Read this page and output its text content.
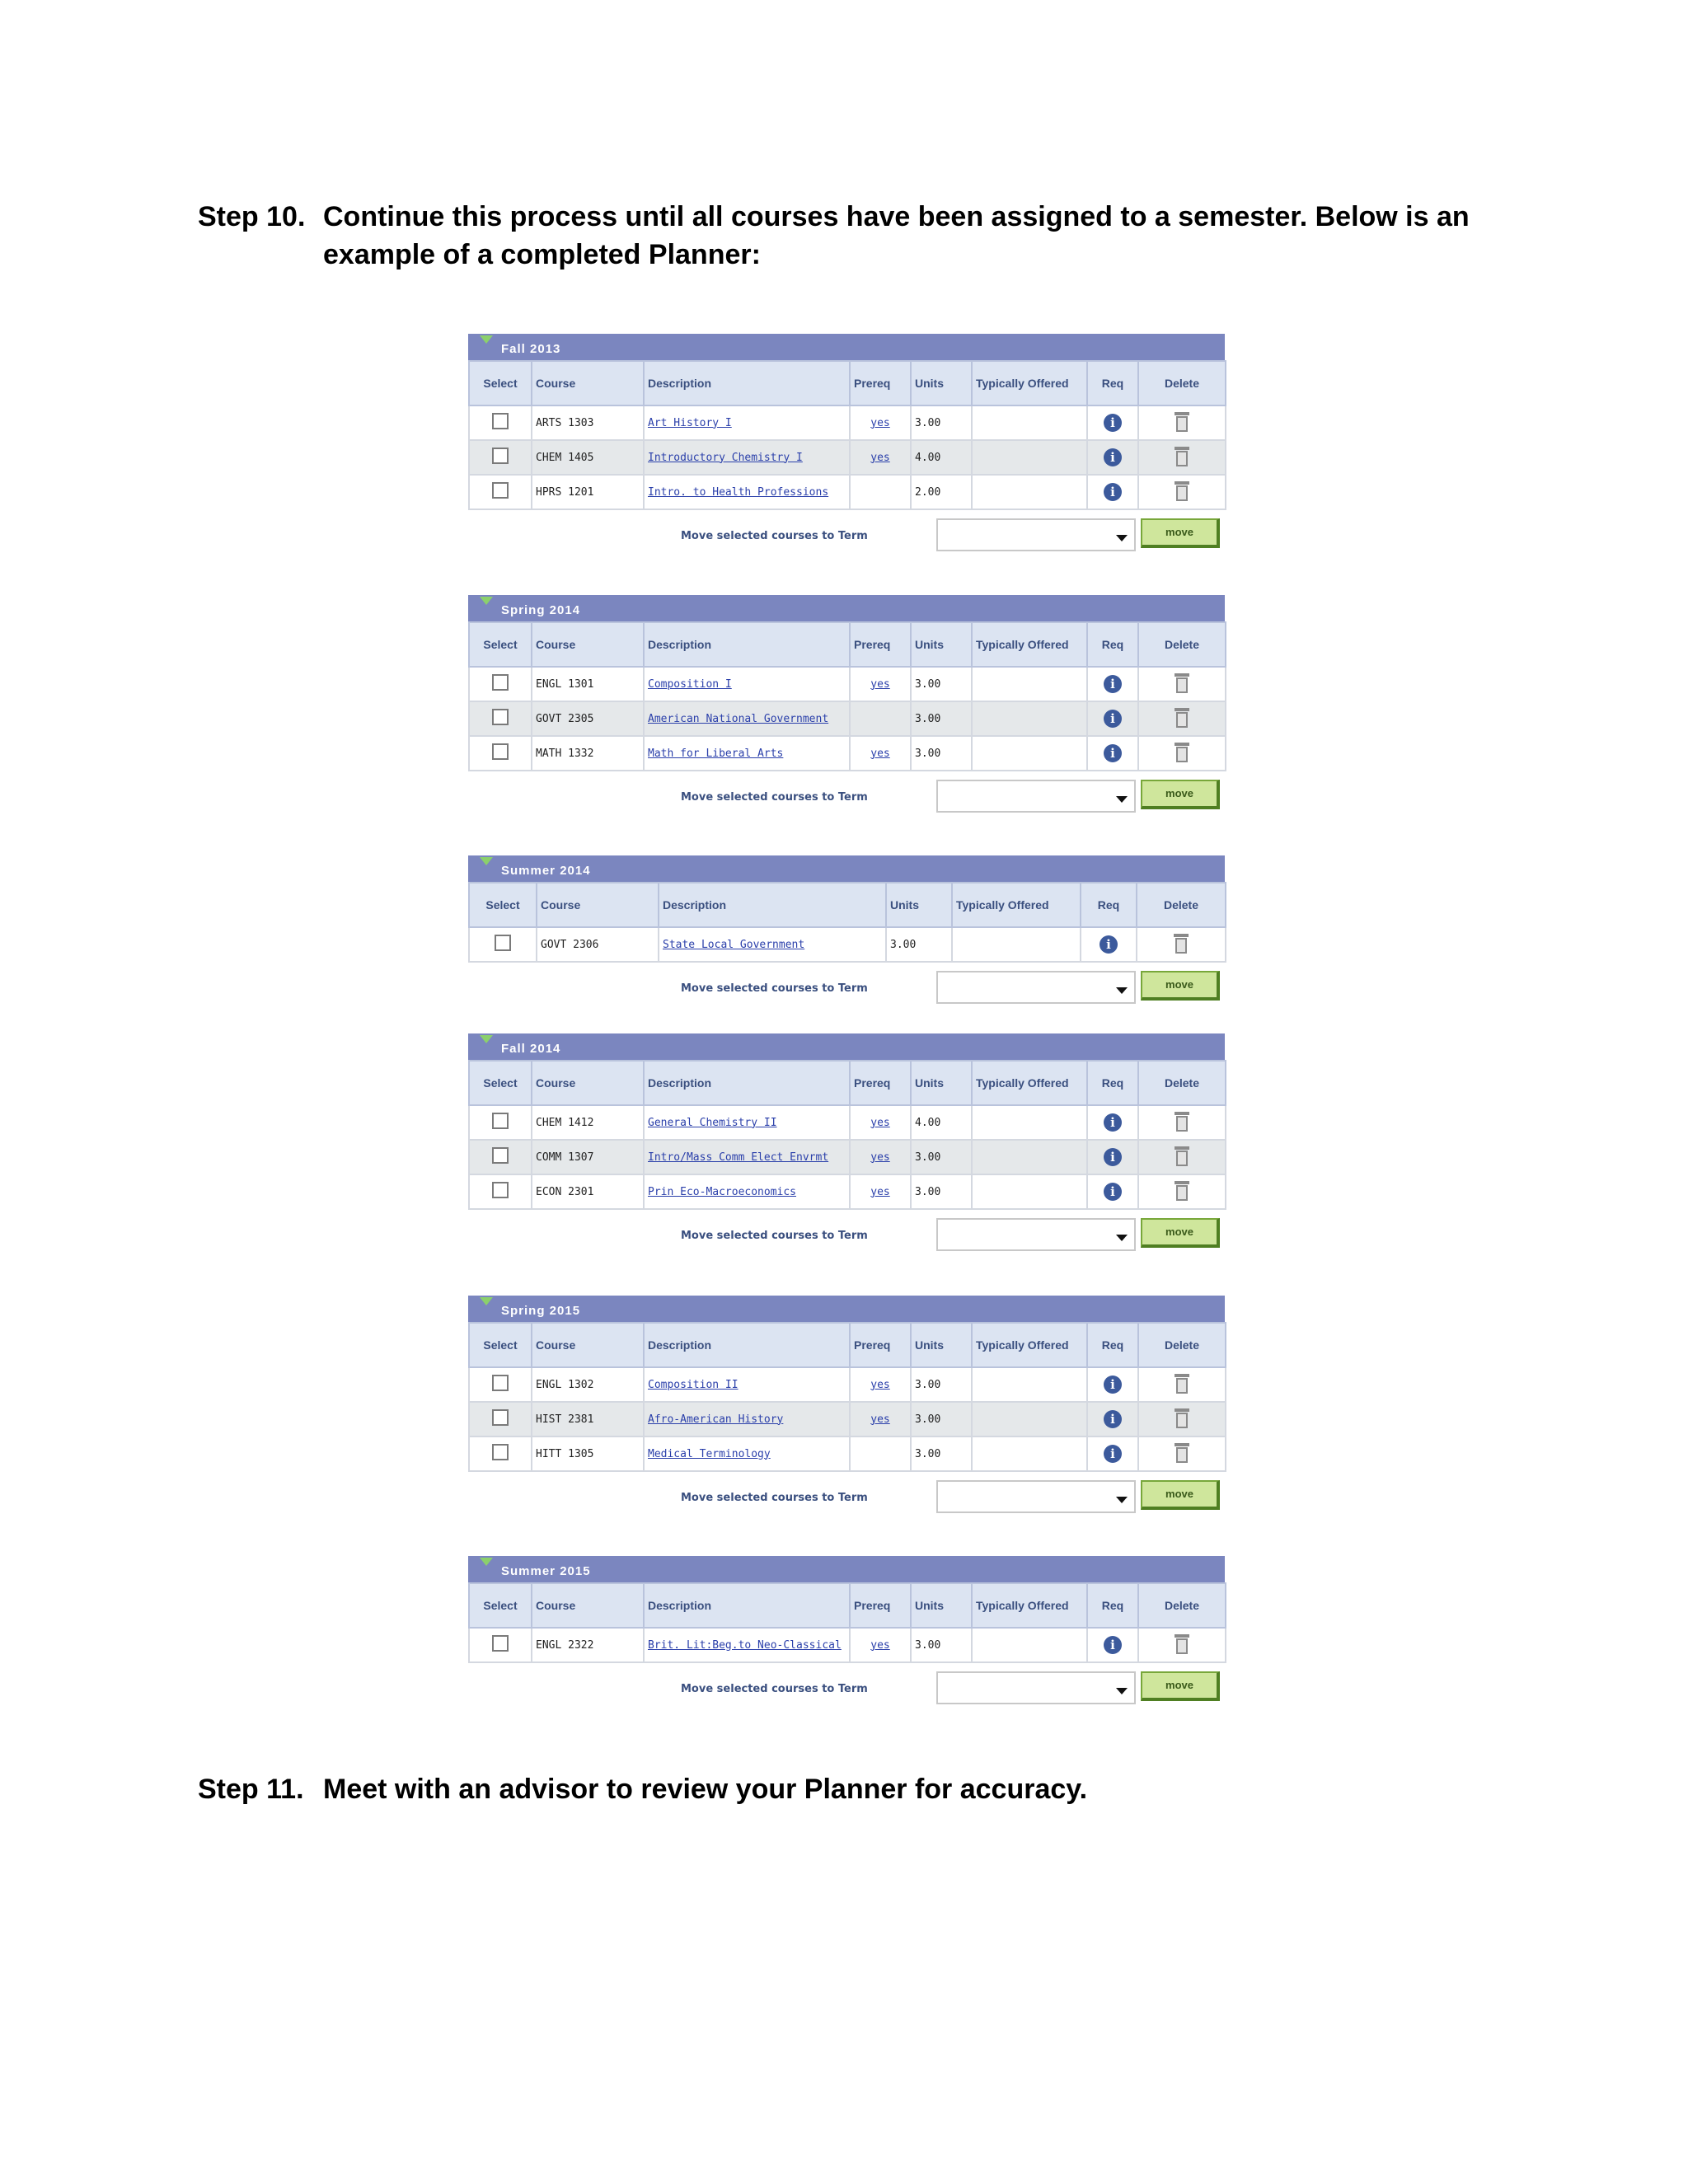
Step 10. Continue this process until all courses have been assigned to a semester. Below is an example of a completed Planner:
Fall 2013
Select	Course	Description	Prereq	Units	Typically Offered	Req	Delete
	ARTS 1303	Art History I	yes	3.00		i	

	CHEM 1405	Introductory Chemistry I	yes	4.00		i	

	HPRS 1201	Intro. to Health Professions		2.00		i	
Move selected courses to Term	move
Spring 2014
Select	Course	Description	Prereq	Units	Typically Offered	Req	Delete
	ENGL 1301	Composition I	yes	3.00		i	

	GOVT 2305	American National Government		3.00		i	

	MATH 1332	Math for Liberal Arts	yes	3.00		i	
Move selected courses to Term	move
Summer 2014
Select	Course	Description	Units	Typically Offered	Req	Delete
	GOVT 2306	State Local Government	3.00		i	
Move selected courses to Term	move
Fall 2014
Select	Course	Description	Prereq	Units	Typically Offered	Req	Delete
	CHEM 1412	General Chemistry II	yes	4.00		i	

	COMM 1307	Intro/Mass Comm Elect Envrmt	yes	3.00		i	

	ECON 2301	Prin Eco-Macroeconomics	yes	3.00		i	
Move selected courses to Term	move
Spring 2015
Select	Course	Description	Prereq	Units	Typically Offered	Req	Delete
	ENGL 1302	Composition II	yes	3.00		i	

	HIST 2381	Afro-American History	yes	3.00		i	

	HITT 1305	Medical Terminology		3.00		i	
Move selected courses to Term	move
Summer 2015
Select	Course	Description	Prereq	Units	Typically Offered	Req	Delete
	ENGL 2322	Brit. Lit:Beg.to Neo-Classical	yes	3.00		i	
Move selected courses to Term	move
Step 11. Meet with an advisor to review your Planner for accuracy.
